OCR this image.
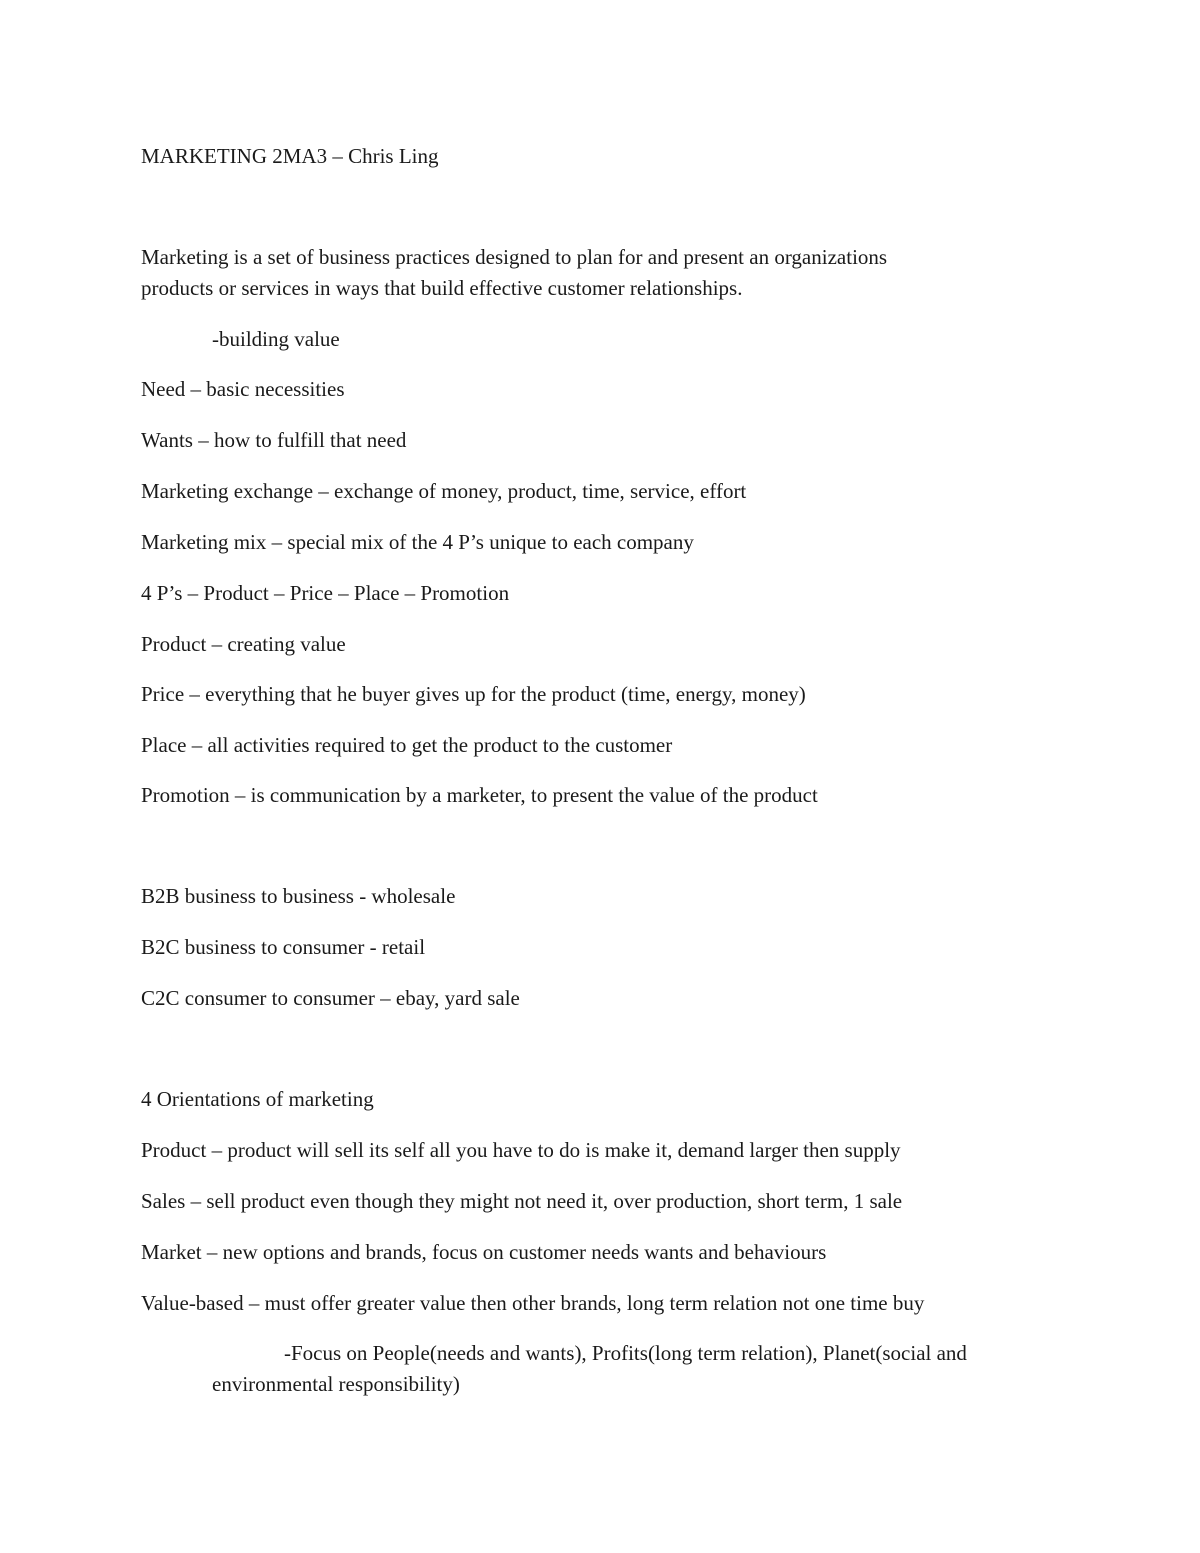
MARKETING 2MA3 – Chris Ling
Marketing is a set of business practices designed to plan for and present an organizations
products or services in ways that build effective customer relationships.
-building value
Need – basic necessities
Wants – how to fulfill that need
Marketing exchange – exchange of money, product, time, service, effort
Marketing mix – special mix of the 4 P’s unique to each company
4 P’s – Product – Price – Place – Promotion
Product – creating value
Price – everything that he buyer gives up for the product (time, energy, money)
Place – all activities required to get the product to the customer
Promotion – is communication by a marketer, to present the value of the product
B2B business to business - wholesale
B2C business to consumer - retail
C2C consumer to consumer – ebay, yard sale
4 Orientations of marketing
Product – product will sell its self all you have to do is make it, demand larger then supply
Sales – sell product even though they might not need it, over production, short term, 1 sale
Market – new options and brands, focus on customer needs wants and behaviours
Value-based – must offer greater value then other brands, long term relation not one time buy
-Focus on People(needs and wants), Profits(long term relation), Planet(social and
environmental responsibility)
